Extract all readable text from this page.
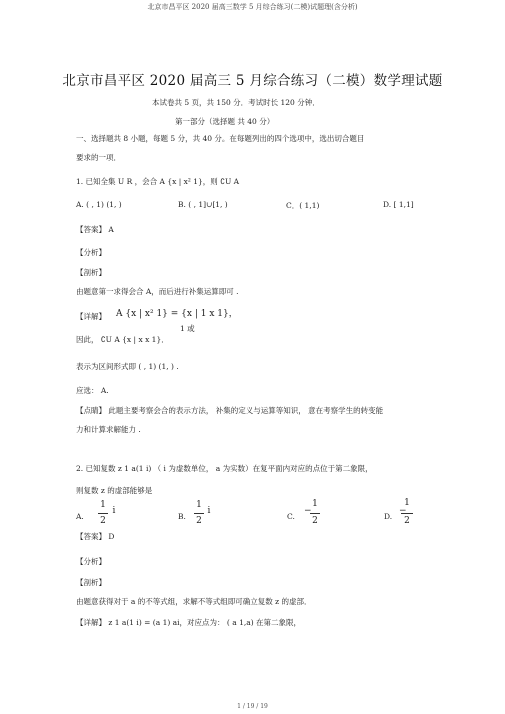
北京市昌平区 2020 届高三数学 5 月综合练习(二模)试题理(含分析)
北京市昌平区 2020 届高三 5 月综合练习（二模）数学理试题
本试卷共 5 页，共 150 分．考试时长 120 分钟．
第一部分（选择题 共 40 分）
一、选择题共 8 小题，每题 5 分，共 40 分。在每题列出的四个选项中，选出切合题目
要求的一项．
1. 已知全集 U R ，会合 A {x | x² 1}，则 ∁U A
A. ( , 1) (1, )	B. ( , 1]∪[1, )	C．( 1,1)	D. [ 1,1]
【答案】 A
【分析】
【剖析】
由题意第一求得会合 A，而后进行补集运算即可 .
【详解】 A {x | x² 1} = {x | 1 x 1}，
1 或
因此， ∁U A {x | x x 1}．
表示为区间形式即 ( , 1) (1, ) .
应选： A.
【点睛】 此题主要考察会合的表示方法， 补集的定义与运算等知识， 意在考察学生的转变能
力和计算求解能力 .
2. 已知复数 z 1 a(1 i) （ i 为虚数单位， a 为实数）在复平面内对应的点位于第二象限，
则复数 z 的虚部能够是
A.
1
2
i
B.
1
2
i
C.
−
1
2	D.
−
1
2
【答案】 D
【分析】
【剖析】
由题意获得对于 a 的不等式组，求解不等式组即可确立复数 z 的虚部．
【详解】 z 1 a(1 i) = (a 1) ai，对应点为： ( a 1,a) 在第二象限，
1 / 19 / 19
